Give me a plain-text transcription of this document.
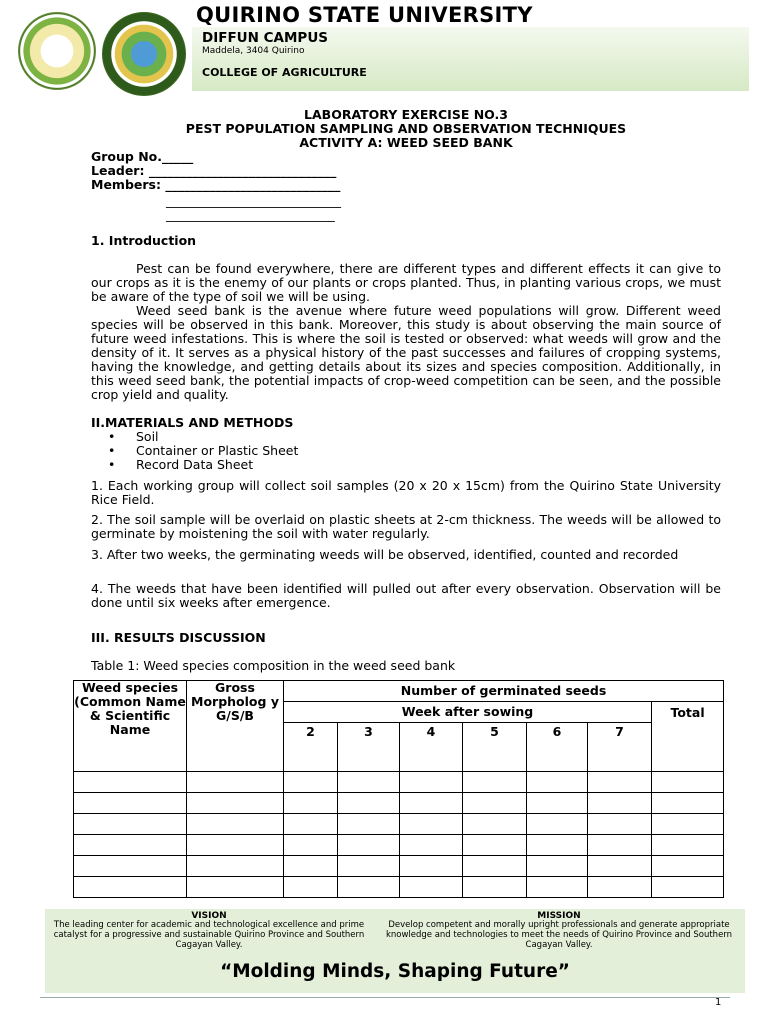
QUIRINO STATE UNIVERSITY
DIFFUN CAMPUS
Maddela, 3404 Quirino
COLLEGE OF AGRICULTURE
LABORATORY EXERCISE NO.3
PEST POPULATION SAMPLING AND OBSERVATION TECHNIQUES
ACTIVITY A: WEED SEED BANK
Group No._____
Leader: ______________________________
Members: ____________________________
____________________________
___________________________
1. Introduction
Pest can be found everywhere, there are different types and different effects it can give to our crops as it is the enemy of our plants or crops planted. Thus, in planting various crops, we must be aware of the type of soil we will be using.
Weed seed bank is the avenue where future weed populations will grow. Different weed species will be observed in this bank. Moreover, this study is about observing the main source of future weed infestations. This is where the soil is tested or observed: what weeds will grow and the density of it. It serves as a physical history of the past successes and failures of cropping systems, having the knowledge, and getting details about its sizes and species composition. Additionally, in this weed seed bank, the potential impacts of crop-weed competition can be seen, and the possible crop yield and quality.
II.MATERIALS AND METHODS
• Soil
• Container or Plastic Sheet
• Record Data Sheet
1. Each working group will collect soil samples (20 x 20 x 15cm) from the Quirino State University Rice Field.
2. The soil sample will be overlaid on plastic sheets at 2-cm thickness. The weeds will be allowed to germinate by moistening the soil with water regularly.
3. After two weeks, the germinating weeds will be observed, identified, counted and recorded
4. The weeds that have been identified will pulled out after every observation. Observation will be done until six weeks after emergence.
III. RESULTS DISCUSSION
Table 1: Weed species composition in the weed seed bank
Weed species (Common Name & Scientific Name	Gross Morpholog y G/S/B	Number of germinated seeds						
		Week after sowing						Total
		2	3	4	5	6	7	

VISION
The leading center for academic and technological excellence and prime catalyst for a progressive and sustainable Quirino Province and Southern Cagayan Valley.
MISSION
Develop competent and morally upright professionals and generate appropriate knowledge and technologies to meet the needs of Quirino Province and Southern Cagayan Valley.
“Molding Minds, Shaping Future”
1
